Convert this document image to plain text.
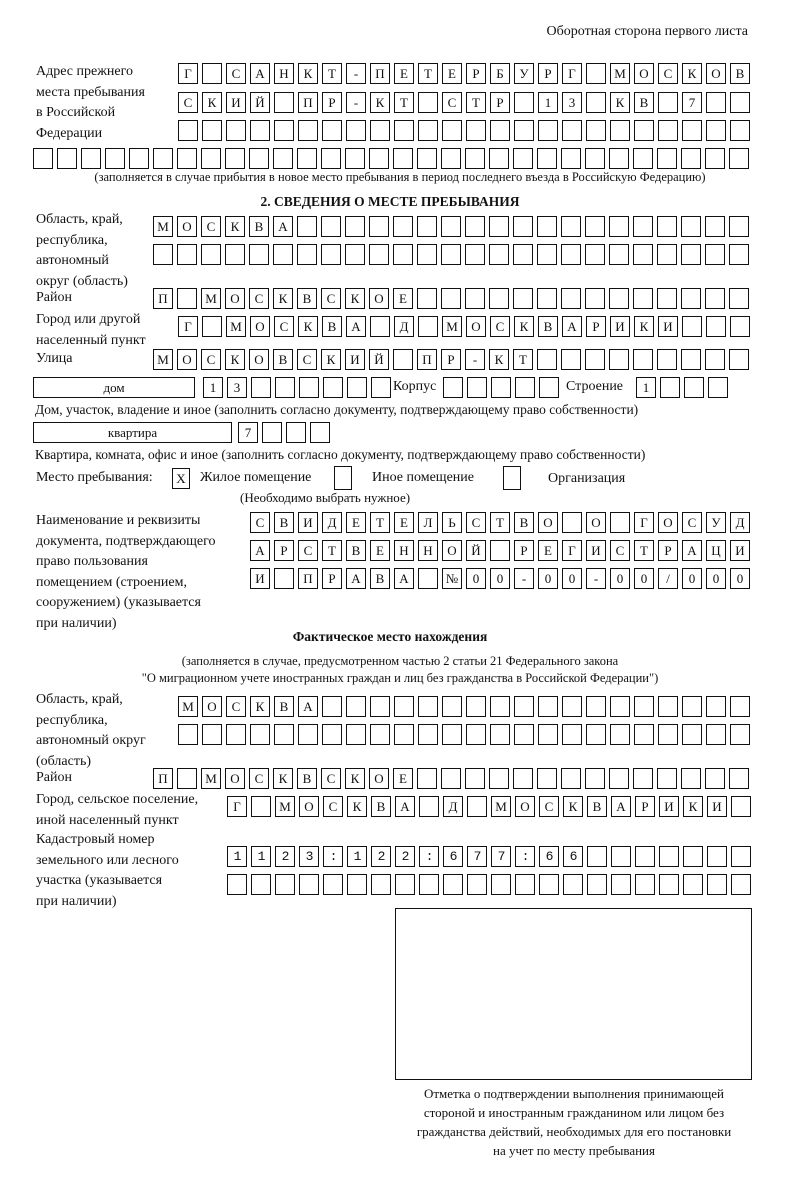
Оборотная сторона первого листа
Адрес прежнего
места пребывания
в Российской
Федерации
Г	С	А	Н	К	Т	-	П	Е	Т	Е	Р	Б	У	Р	Г	М	О	С	К	О	В
С	К	И	Й	П	Р	-	К	Т	С	Т	Р	1	3	К	В	7
(заполняется в случае прибытия в новое место пребывания в период последнего въезда в Российскую Федерацию)
2. СВЕДЕНИЯ О МЕСТЕ ПРЕБЫВАНИЯ
Область, край,
республика,
автономный
округ (область)
М	О	С	К	В	А
Район	П	М	О	С	К	В	С	К	О	Е
Город или другой
населенный пункт
Г	М	О	С	К	В	А	Д	М	О	С	К	В	А	Р	И	К	И
Улица	М	О	С	К	О	В	С	К	И	Й	П	Р	-	К	Т
дом	1	3	Корпус	Строение	1
Дом, участок, владение и иное (заполнить согласно документу, подтверждающему право собственности)
квартира	7
Квартира, комната, офис и иное (заполнить согласно документу, подтверждающему право собственности)
Место пребывания:	Х	Жилое помещение	Иное помещение	Организация
(Необходимо выбрать нужное)
Наименование и реквизиты
документа, подтверждающего
право пользования
помещением (строением,
сооружением) (указывается
при наличии)
С	В	И	Д	Е	Т	Е	Л	Ь	С	Т	В	О	О	Г	О	С	У	Д
А	Р	С	Т	В	Е	Н	Н	О	Й	Р	Е	Г	И	С	Т	Р	А	Ц	И
И	П	Р	А	В	А	№	0	0	-	0	0	-	0	0	/	0	0	0
Фактическое место нахождения
(заполняется в случае, предусмотренном частью 2 статьи 21 Федерального закона
"О миграционном учете иностранных граждан и лиц без гражданства в Российской Федерации")
Область, край,
республика,
автономный округ
(область)
М	О	С	К	В	А
Район	П	М	О	С	К	В	С	К	О	Е
Город, сельское поселение,
иной населенный пункт
Г	М	О	С	К	В	А	Д	М	О	С	К	В	А	Р	И	К	И
Кадастровый номер
земельного или лесного
участка (указывается
при наличии)
1123:122:677:66
Отметка о подтверждении выполнения принимающей
стороной и иностранным гражданином или лицом без
гражданства действий, необходимых для его постановки
на учет по месту пребывания
